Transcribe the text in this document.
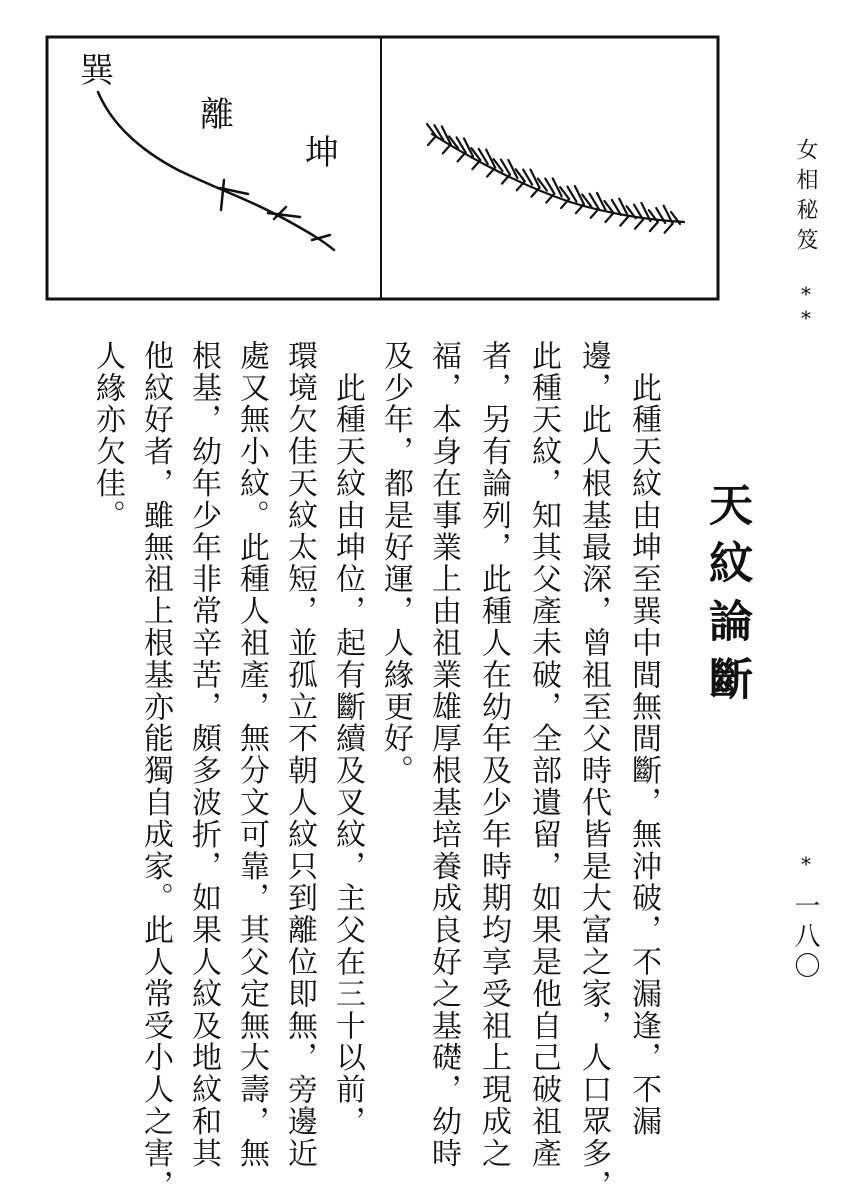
巽
離
坤	女相秘笈
**
*
一八〇
天紋論斷
　此種天紋由坤至巽中間無間斷，無沖破，不漏逢，不漏
邊，此人根基最深，曾祖至父時代皆是大富之家，人口眾多，
此種天紋，知其父產未破，全部遺留，如果是他自己破祖產
者，另有論列，此種人在幼年及少年時期均享受祖上現成之
福，本身在事業上由祖業雄厚根基培養成良好之基礎，幼時
及少年，都是好運，人緣更好。
　此種天紋由坤位，起有斷續及叉紋，主父在三十以前，
環境欠佳天紋太短，並孤立不朝人紋只到離位即無，旁邊近
處又無小紋。此種人祖產，無分文可靠，其父定無大壽，無
根基，幼年少年非常辛苦，頗多波折，如果人紋及地紋和其
他紋好者，雖無祖上根基亦能獨自成家。此人常受小人之害，
人緣亦欠佳。
